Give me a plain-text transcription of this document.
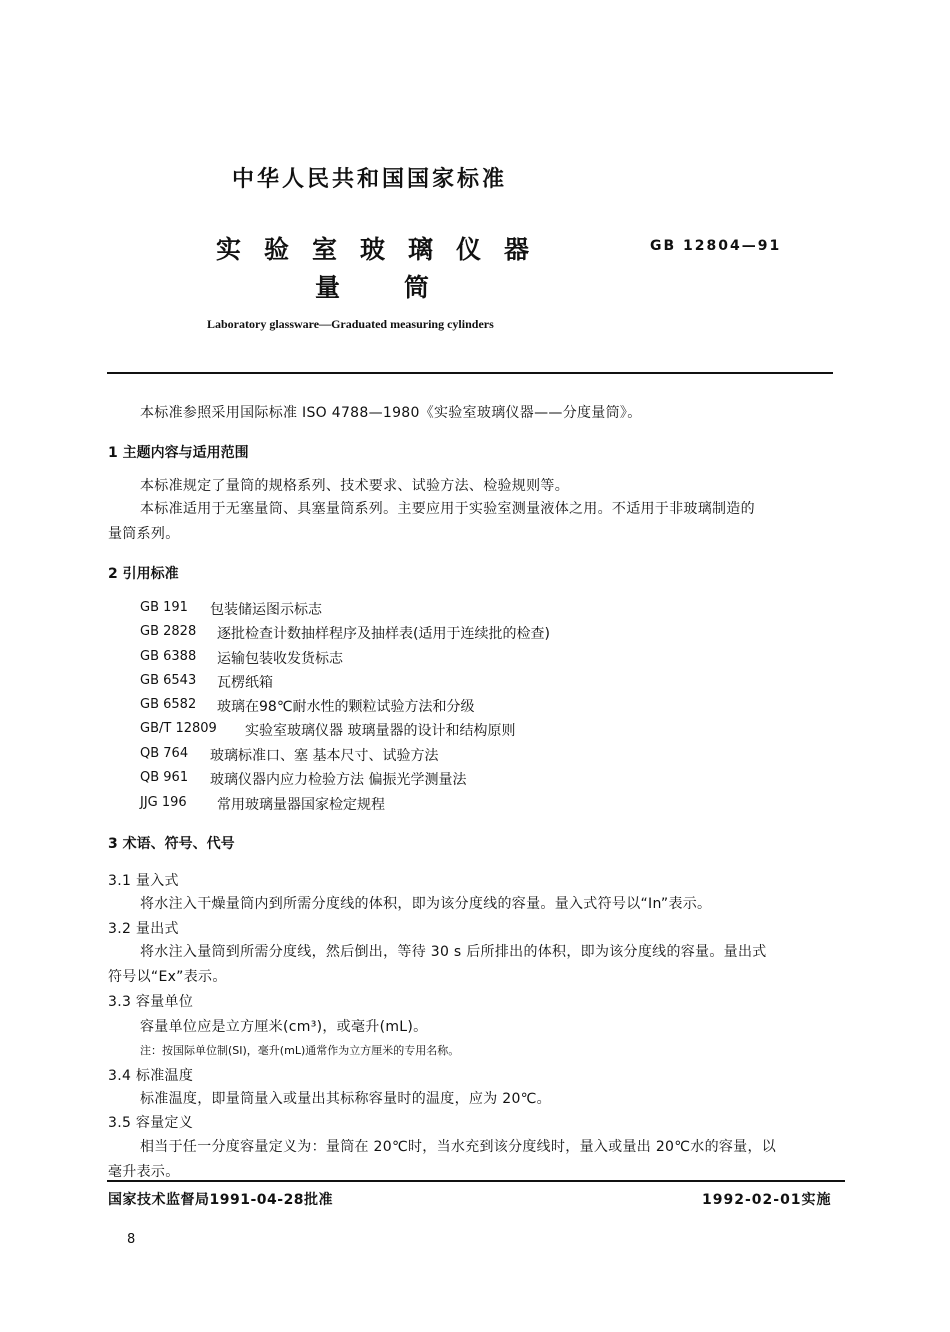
中华人民共和国国家标准
实验室玻璃仪器
量筒
GB 12804—91
Laboratory glassware—Graduated measuring cylinders
本标准参照采用国际标准 ISO 4788—1980《实验室玻璃仪器——分度量筒》。
1 主题内容与适用范围
本标准规定了量筒的规格系列、技术要求、试验方法、检验规则等。
本标准适用于无塞量筒、具塞量筒系列。主要应用于实验室测量液体之用。不适用于非玻璃制造的
量筒系列。
2 引用标准
GB 191 包装储运图示标志
GB 2828 逐批检查计数抽样程序及抽样表(适用于连续批的检查)
GB 6388 运输包装收发货标志
GB 6543 瓦楞纸箱
GB 6582 玻璃在98℃耐水性的颗粒试验方法和分级
GB/T 12809 实验室玻璃仪器 玻璃量器的设计和结构原则
QB 764 玻璃标准口、塞 基本尺寸、试验方法
QB 961 玻璃仪器内应力检验方法 偏振光学测量法
JJG 196 常用玻璃量器国家检定规程
3 术语、符号、代号
3.1 量入式
将水注入干燥量筒内到所需分度线的体积，即为该分度线的容量。量入式符号以“In”表示。
3.2 量出式
将水注入量筒到所需分度线，然后倒出，等待 30 s 后所排出的体积，即为该分度线的容量。量出式
符号以“Ex”表示。
3.3 容量单位
容量单位应是立方厘米(cm³)，或毫升(mL)。
注：按国际单位制(SI)，毫升(mL)通常作为立方厘米的专用名称。
3.4 标准温度
标准温度，即量筒量入或量出其标称容量时的温度，应为 20℃。
3.5 容量定义
相当于任一分度容量定义为：量筒在 20℃时，当水充到该分度线时，量入或量出 20℃水的容量，以
毫升表示。
国家技术监督局1991-04-28批准	1992-02-01实施
8
